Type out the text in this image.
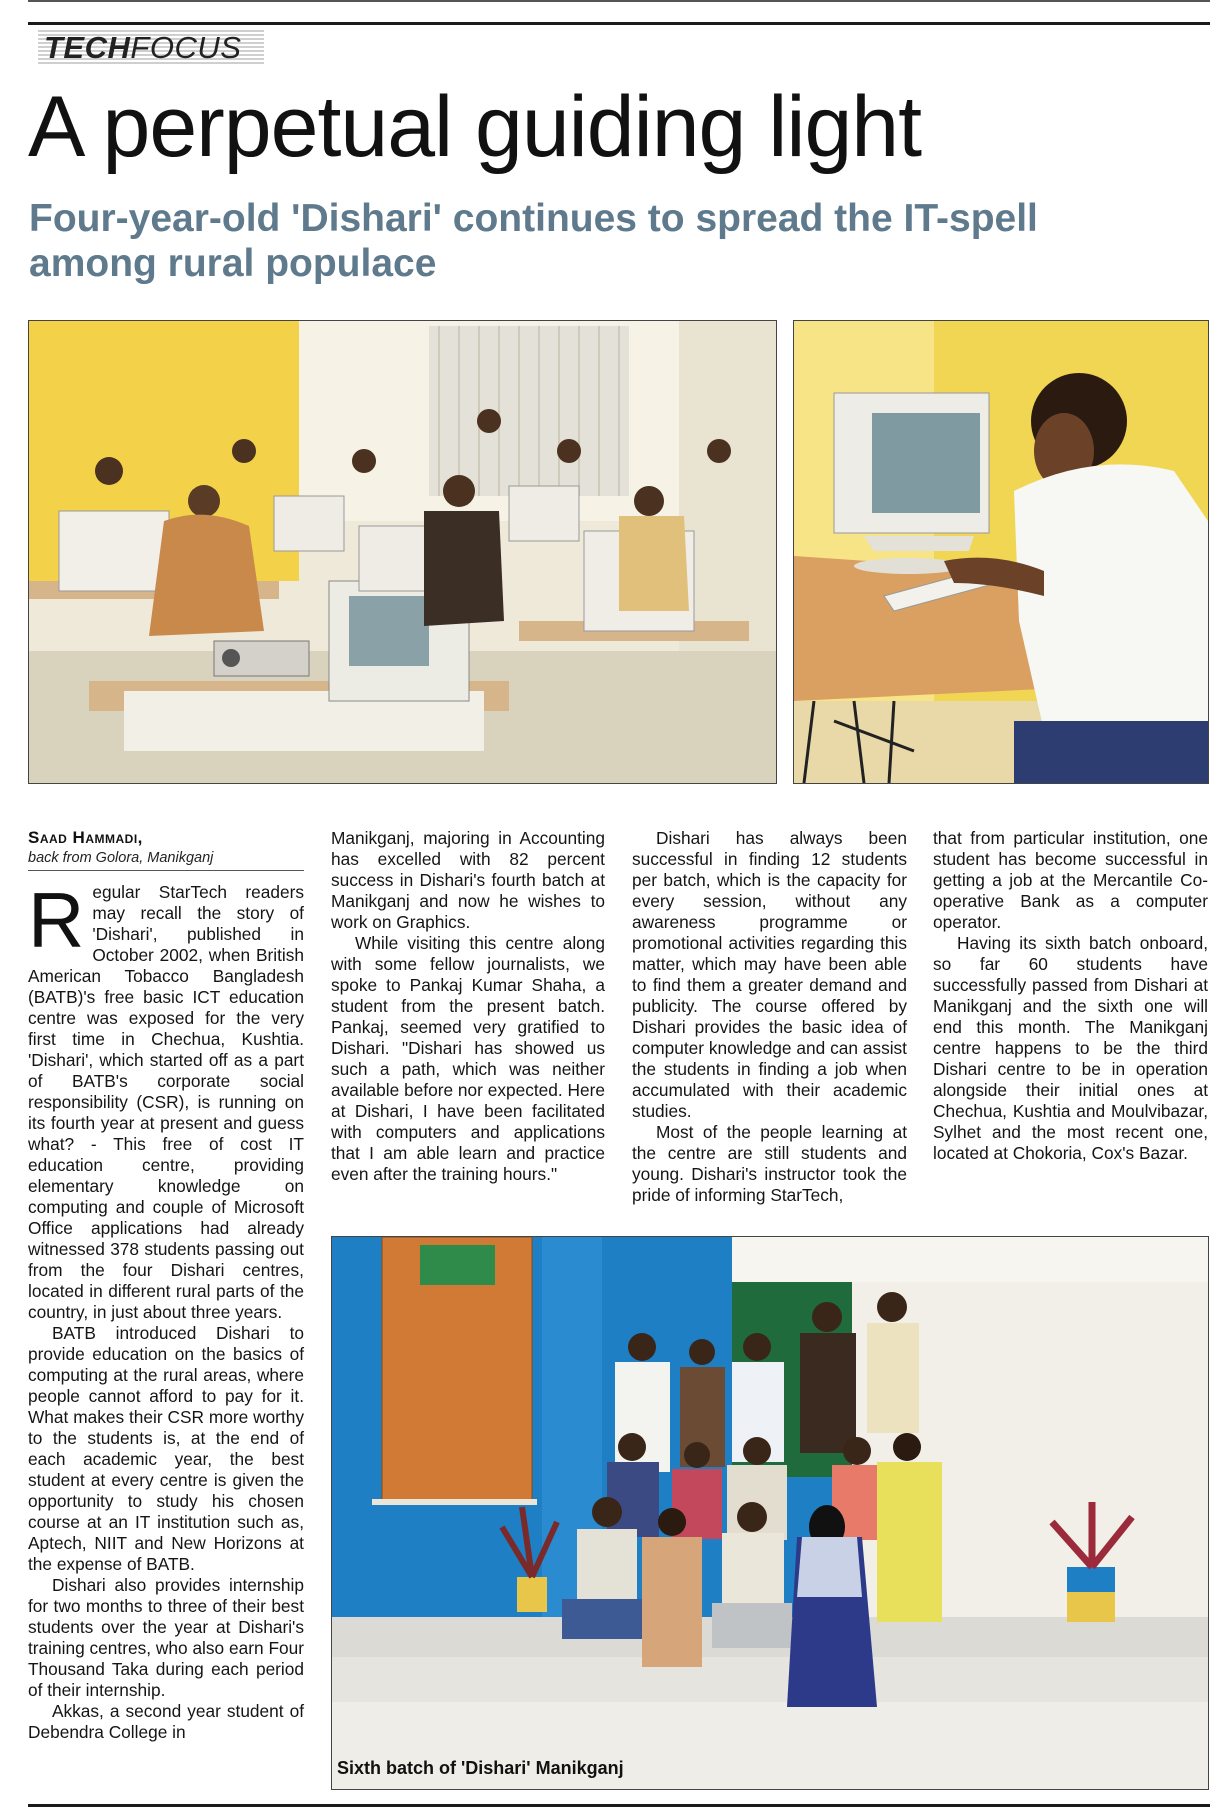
TECHFOCUS
A perpetual guiding light
Four-year-old 'Dishari' continues to spread the IT-spell among rural populace
Saad Hammadi,
back from Golora, Manikganj

Regular StarTech readers may recall the story of 'Dishari', published in October 2002, when British American Tobacco Bangladesh (BATB)'s free basic ICT education centre was exposed for the very first time in Chechua, Kushtia. 'Dishari', which started off as a part of BATB's corporate social responsibility (CSR), is running on its fourth year at present and guess what? - This free of cost IT education centre, providing elementary knowledge on computing and couple of Microsoft Office applications had already witnessed 378 students passing out from the four Dishari centres, located in different rural parts of the country, in just about three years.

BATB introduced Dishari to provide education on the basics of computing at the rural areas, where people cannot afford to pay for it. What makes their CSR more worthy to the students is, at the end of each academic year, the best student at every centre is given the opportunity to study his chosen course at an IT institution such as, Aptech, NIIT and New Horizons at the expense of BATB.

Dishari also provides internship for two months to three of their best students over the year at Dishari's training centres, who also earn Four Thousand Taka during each period of their internship.

Akkas, a second year student of Debendra College in

Manikganj, majoring in Accounting has excelled with 82 percent success in Dishari's fourth batch at Manikganj and now he wishes to work on Graphics.

While visiting this centre along with some fellow journalists, we spoke to Pankaj Kumar Shaha, a student from the present batch. Pankaj, seemed very gratified to Dishari. "Dishari has showed us such a path, which was neither available before nor expected. Here at Dishari, I have been facilitated with computers and applications that I am able learn and practice even after the training hours."

Dishari has always been successful in finding 12 students per batch, which is the capacity for every session, without any awareness programme or promotional activities regarding this matter, which may have been able to find them a greater demand and publicity. The course offered by Dishari provides the basic idea of computer knowledge and can assist the students in finding a job when accumulated with their academic studies.

Most of the people learning at the centre are still students and young. Dishari's instructor took the pride of informing StarTech,

that from particular institution, one student has become successful in getting a job at the Mercantile Co-operative Bank as a computer operator.

Having its sixth batch onboard, so far 60 students have successfully passed from Dishari at Manikganj and the sixth one will end this month. The Manikganj centre happens to be the third Dishari centre to be in operation alongside their initial ones at Chechua, Kushtia and Moulvibazar, Sylhet and the most recent one, located at Chokoria, Cox's Bazar.

Sixth batch of 'Dishari' Manikganj
